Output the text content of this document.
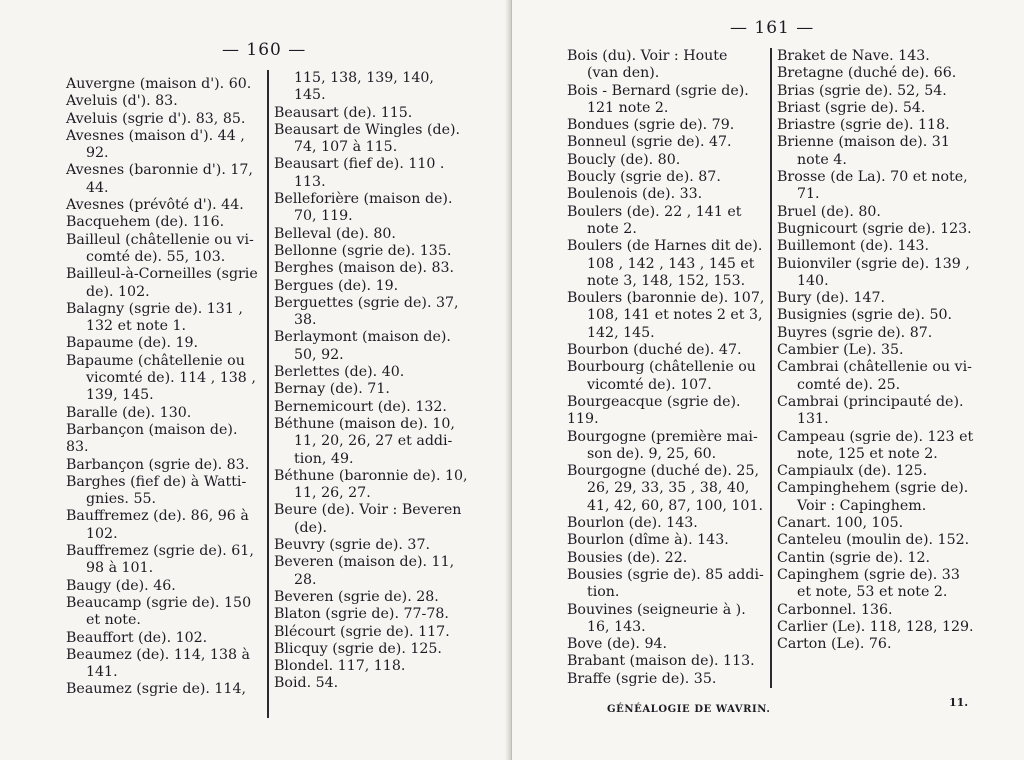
— 160 —
Auvergne (maison d'). 60.
Aveluis (d'). 83.
Aveluis (sgrie d'). 83, 85.
Avesnes (maison d'). 44 ,
92.
Avesnes (baronnie d'). 17,
44.
Avesnes (prévôté d'). 44.
Bacquehem (de). 116.
Bailleul (châtellenie ou vi-
comté de). 55, 103.
Bailleul-à-Corneilles (sgrie
de). 102.
Balagny (sgrie de). 131 ,
132 et note 1.
Bapaume (de). 19.
Bapaume (châtellenie ou
vicomté de). 114 , 138 ,
139, 145.
Baralle (de). 130.
Barbançon (maison de). 83.
Barbançon (sgrie de). 83.
Barghes (fief de) à Watti-
gnies. 55.
Bauffremez (de). 86, 96 à
102.
Bauffremez (sgrie de). 61,
98 à 101.
Baugy (de). 46.
Beaucamp (sgrie de). 150
et note.
Beauffort (de). 102.
Beaumez (de). 114, 138 à
141.
Beaumez (sgrie de). 114,
115, 138, 139, 140,
145.
Beausart (de). 115.
Beausart de Wingles (de).
74, 107 à 115.
Beausart (fief de). 110 .
113.
Belleforière (maison de).
70, 119.
Belleval (de). 80.
Bellonne (sgrie de). 135.
Berghes (maison de). 83.
Bergues (de). 19.
Berguettes (sgrie de). 37,
38.
Berlaymont (maison de).
50, 92.
Berlettes (de). 40.
Bernay (de). 71.
Bernemicourt (de). 132.
Béthune (maison de). 10,
11, 20, 26, 27 et addi-
tion, 49.
Béthune (baronnie de). 10,
11, 26, 27.
Beure (de). Voir : Beveren
(de).
Beuvry (sgrie de). 37.
Beveren (maison de). 11,
28.
Beveren (sgrie de). 28.
Blaton (sgrie de). 77-78.
Blécourt (sgrie de). 117.
Blicquy (sgrie de). 125.
Blondel. 117, 118.
Boid. 54.
— 161 —
Bois (du). Voir : Houte
(van den).
Bois - Bernard (sgrie de).
121 note 2.
Bondues (sgrie de). 79.
Bonneul (sgrie de). 47.
Boucly (de). 80.
Boucly (sgrie de). 87.
Boulenois (de). 33.
Boulers (de). 22 , 141 et
note 2.
Boulers (de Harnes dit de).
108 , 142 , 143 , 145 et
note 3, 148, 152, 153.
Boulers (baronnie de). 107,
108, 141 et notes 2 et 3,
142, 145.
Bourbon (duché de). 47.
Bourbourg (châtellenie ou
vicomté de). 107.
Bourgeacque (sgrie de). 119.
Bourgogne (première mai-
son de). 9, 25, 60.
Bourgogne (duché de). 25,
26, 29, 33, 35 , 38, 40,
41, 42, 60, 87, 100, 101.
Bourlon (de). 143.
Bourlon (dîme à). 143.
Bousies (de). 22.
Bousies (sgrie de). 85 addi-
tion.
Bouvines (seigneurie à ).
16, 143.
Bove (de). 94.
Brabant (maison de). 113.
Braffe (sgrie de). 35.
Braket de Nave. 143.
Bretagne (duché de). 66.
Brias (sgrie de). 52, 54.
Briast (sgrie de). 54.
Briastre (sgrie de). 118.
Brienne (maison de). 31
note 4.
Brosse (de La). 70 et note,
71.
Bruel (de). 80.
Bugnicourt (sgrie de). 123.
Buillemont (de). 143.
Buionviler (sgrie de). 139 ,
140.
Bury (de). 147.
Busignies (sgrie de). 50.
Buyres (sgrie de). 87.
Cambier (Le). 35.
Cambrai (châtellenie ou vi-
comté de). 25.
Cambrai (principauté de).
131.
Campeau (sgrie de). 123 et
note, 125 et note 2.
Campiaulx (de). 125.
Campinghehem (sgrie de).
Voir : Capinghem.
Canart. 100, 105.
Canteleu (moulin de). 152.
Cantin (sgrie de). 12.
Capinghem (sgrie de). 33
et note, 53 et note 2.
Carbonnel. 136.
Carlier (Le). 118, 128, 129.
Carton (Le). 76.
GÉNÉALOGIE DE WAVRIN.
11.
